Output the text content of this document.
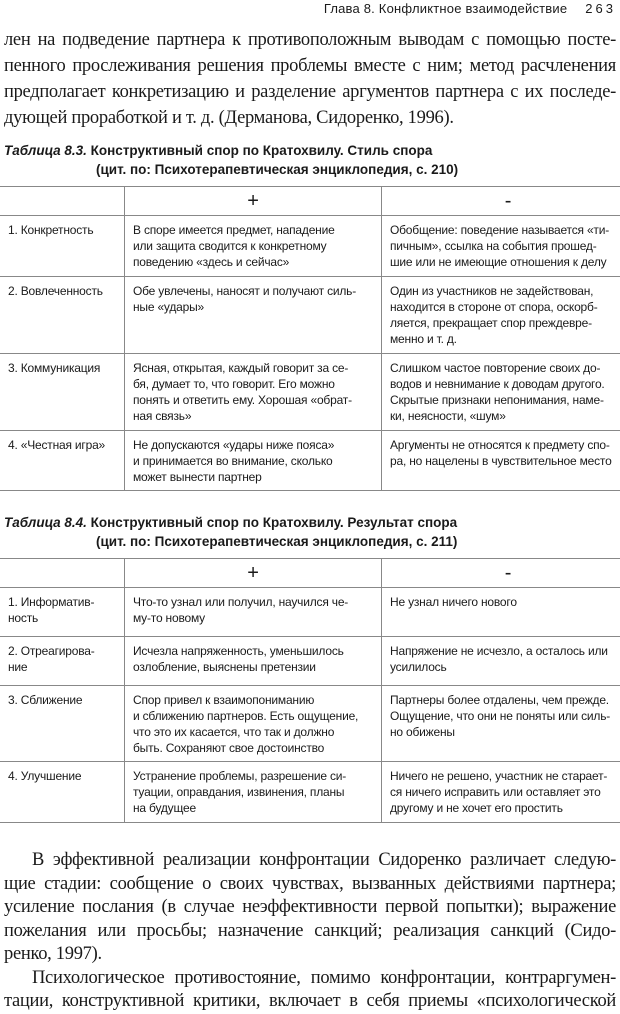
Глава 8. Конфликтное взаимодействие 263
лен на подведение партнера к противоположным выводам с помощью посте-
пенного прослеживания решения проблемы вместе с ним; метод расчленения
предполагает конкретизацию и разделение аргументов партнера с их последе-
дующей проработкой и т. д. (Дерманова, Сидоренко, 1996).
Таблица 8.3. Конструктивный спор по Кратохвилу. Стиль спора
(цит. по: Психотерапевтическая энциклопедия, с. 210)
	+	-

1. Конкретность	В споре имеется предмет, нападение
или защита сводится к конкретному
поведению «здесь и сейчас»	Обобщение: поведение называется «ти-
пичным», ссылка на события прошед-
шие или не имеющие отношения к делу

2. Вовлеченность	Обе увлечены, наносят и получают силь-
ные «удары»	Один из участников не задействован,
находится в стороне от спора, оскорб-
ляется, прекращает спор преждевре-
менно и т. д.

3. Коммуникация	Ясная, открытая, каждый говорит за се-
бя, думает то, что говорит. Его можно
понять и ответить ему. Хорошая «обрат-
ная связь»	Слишком частое повторение своих до-
водов и невнимание к доводам другого.
Скрытые признаки непонимания, наме-
ки, неясности, «шум»

4. «Честная игра»	Не допускаются «удары ниже пояса»
и принимается во внимание, сколько
может вынести партнер	Аргументы не относятся к предмету спо-
ра, но нацелены в чувствительное место
Таблица 8.4. Конструктивный спор по Кратохвилу. Результат спора
(цит. по: Психотерапевтическая энциклопедия, с. 211)
	+	-

1. Информатив-
ность	Что-то узнал или получил, научился че-
му-то новому	Не узнал ничего нового

2. Отреагирова-
ние	Исчезла напряженность, уменьшилось
озлобление, выяснены претензии	Напряжение не исчезло, а осталось или
усилилось

3. Сближение	Спор привел к взаимопониманию
и сближению партнеров. Есть ощущение,
что это их касается, что так и должно
быть. Сохраняют свое достоинство	Партнеры более отдалены, чем прежде.
Ощущение, что они не поняты или силь-
но обижены

4. Улучшение	Устранение проблемы, разрешение си-
туации, оправдания, извинения, планы
на будущее	Ничего не решено, участник не старает-
ся ничего исправить или оставляет это
другому и не хочет его простить
В эффективной реализации конфронтации Сидоренко различает следую-
щие стадии: сообщение о своих чувствах, вызванных действиями партнера;
усиление послания (в случае неэффективности первой попытки); выражение
пожелания или просьбы; назначение санкций; реализация санкций (Сидо-
ренко, 1997).
Психологическое противостояние, помимо конфронтации, контраргумен-
тации, конструктивной критики, включает в себя приемы «психологической
